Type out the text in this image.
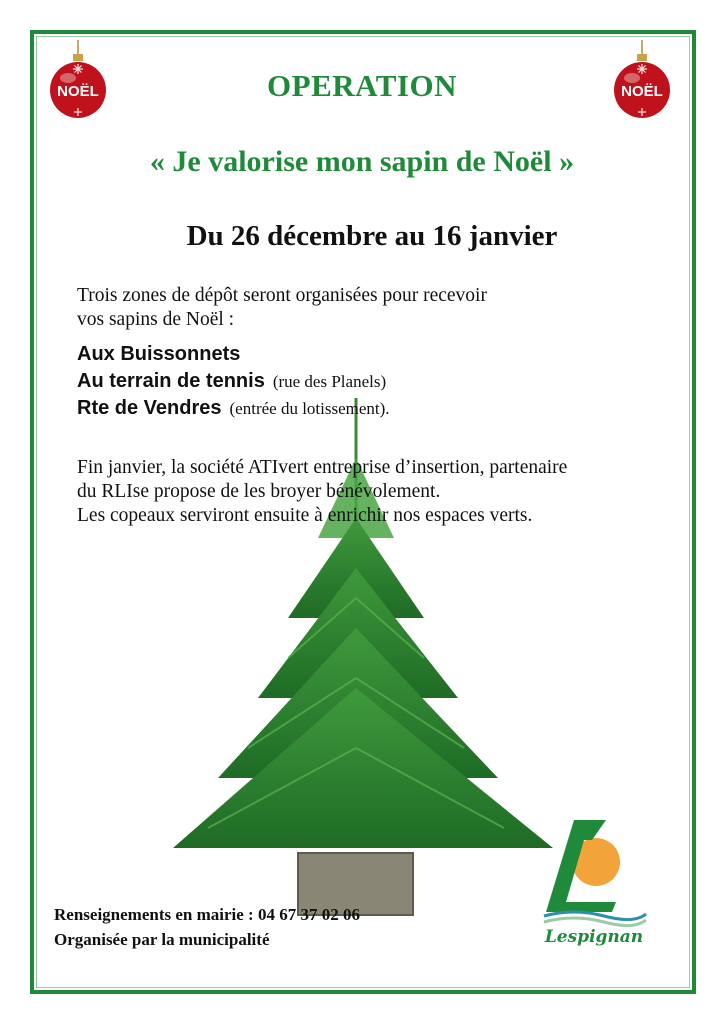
NOËL	NOËL
OPERATION
« Je valorise mon sapin de Noël »
Du 26 décembre au 16 janvier
Trois zones de dépôt seront organisées pour recevoir
vos sapins de Noël :
Aux Buissonnets
Au terrain de tennis (rue des Planels)
Rte de Vendres (entrée du lotissement).
Fin janvier, la société ATIvert entreprise d’insertion, partenaire
du RLIse propose de les broyer bénévolement.
Les copeaux serviront ensuite à enrichir nos espaces verts.
Renseignements en mairie : 04 67 37 02 06
Organisée par la municipalité	Lespignan
